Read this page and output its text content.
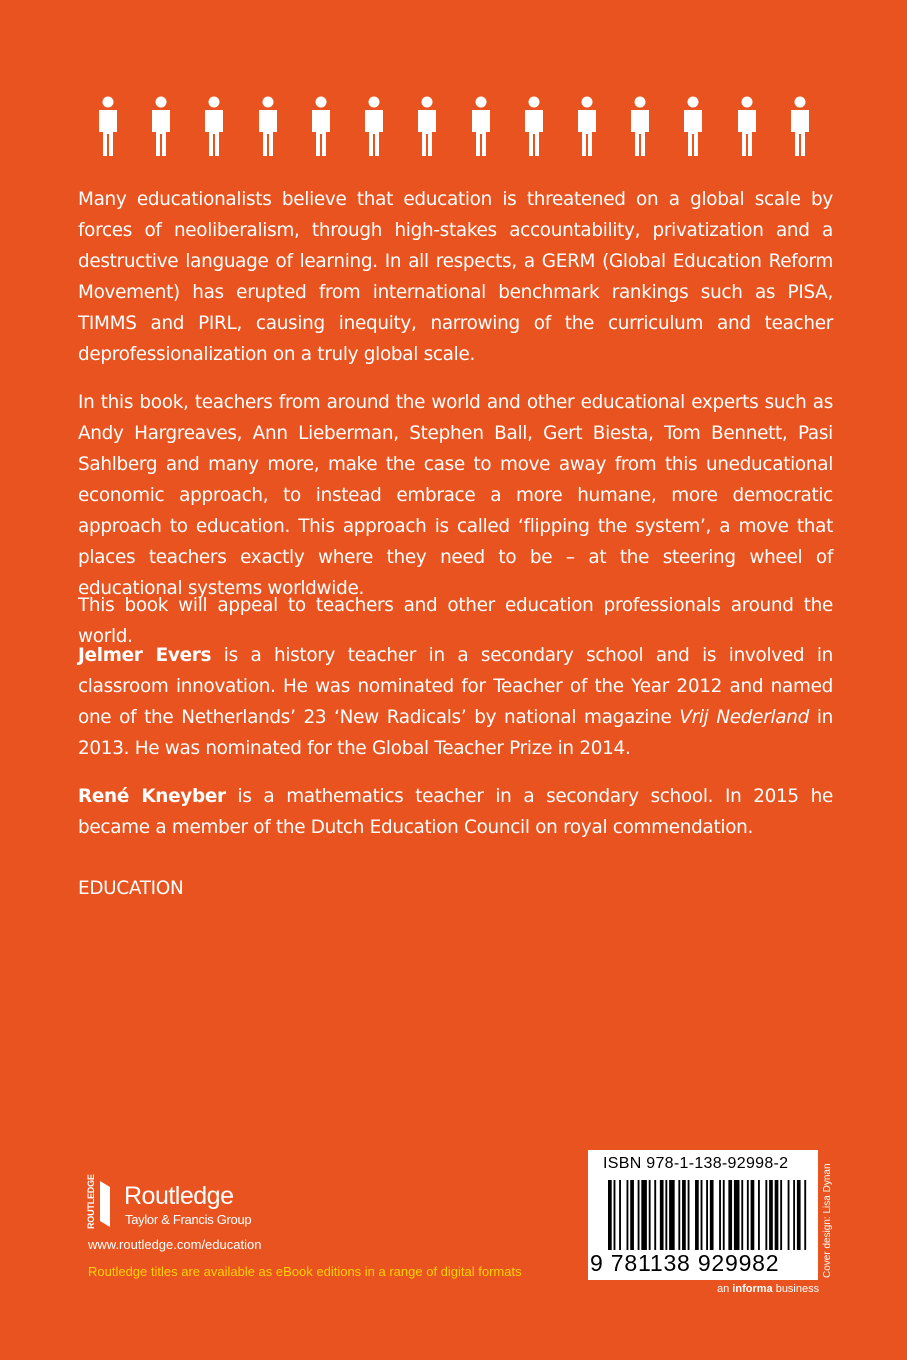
Many educationalists believe that education is threatened on a global scale by forces of neoliberalism, through high-stakes accountability, privatization and a destructive language of learning. In all respects, a GERM (Global Education Reform Movement) has erupted from international benchmark rankings such as PISA, TIMMS and PIRL, causing inequity, narrowing of the curriculum and teacher deprofessionalization on a truly global scale.

In this book, teachers from around the world and other educational experts such as Andy Hargreaves, Ann Lieberman, Stephen Ball, Gert Biesta, Tom Bennett, Pasi Sahlberg and many more, make the case to move away from this uneducational economic approach, to instead embrace a more humane, more democratic approach to education. This approach is called ‘flipping the system’, a move that places teachers exactly where they need to be – at the steering wheel of educational systems worldwide.

This book will appeal to teachers and other education professionals around the world.

Jelmer Evers is a history teacher in a secondary school and is involved in classroom innovation. He was nominated for Teacher of the Year 2012 and named one of the Netherlands’ 23 ‘New Radicals’ by national magazine Vrij Nederland in 2013. He was nominated for the Global Teacher Prize in 2014.

René Kneyber is a mathematics teacher in a secondary school. In 2015 he became a member of the Dutch Education Council on royal commendation.

EDUCATION

ROUTLEDGE Routledge
Taylor & Francis Group
www.routledge.com/education
Routledge titles are available as eBook editions in a range of digital formats
ISBN 978-1-138-92998-2
9 781138 929982
an informa business
Cover design: Lisa Dynan
